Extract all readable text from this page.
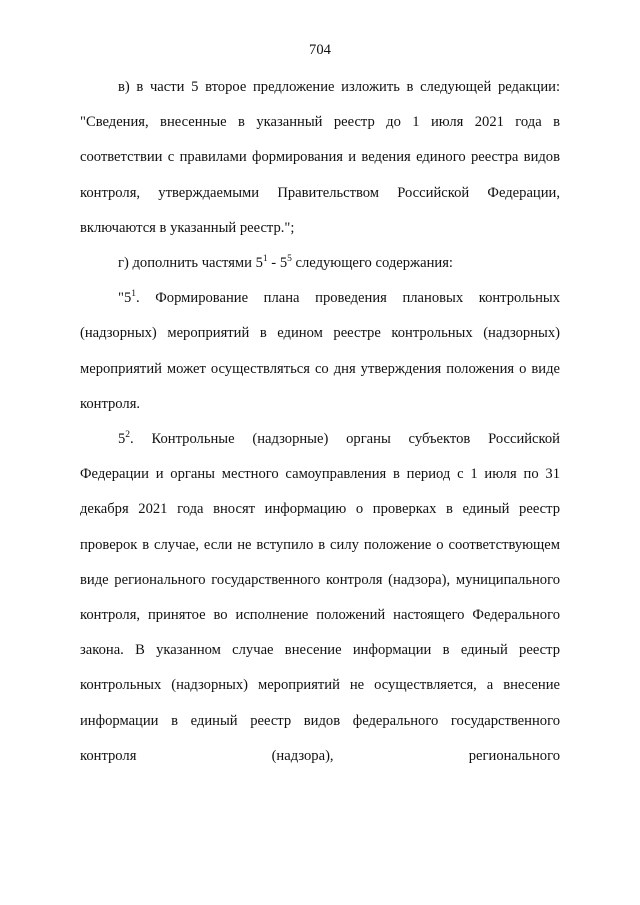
704

в) в части 5 второе предложение изложить в следующей редакции: "Сведения, внесенные в указанный реестр до 1 июля 2021 года в соответствии с правилами формирования и ведения единого реестра видов контроля, утверждаемыми Правительством Российской Федерации, включаются в указанный реестр.";

г) дополнить частями $5^1 - 5^5$ следующего содержания:

"$5^1$. Формирование плана проведения плановых контрольных (надзорных) мероприятий в едином реестре контрольных (надзорных) мероприятий может осуществляться со дня утверждения положения о виде контроля.

$5^2$. Контрольные (надзорные) органы субъектов Российской Федерации и органы местного самоуправления в период с 1 июля по 31 декабря 2021 года вносят информацию о проверках в единый реестр проверок в случае, если не вступило в силу положение о соответствующем виде регионального государственного контроля (надзора), муниципального контроля, принятое во исполнение положений настоящего Федерального закона. В указанном случае внесение информации в единый реестр контрольных (надзорных) мероприятий не осуществляется, а внесение информации в единый реестр видов федерального государственного контроля (надзора), регионального
